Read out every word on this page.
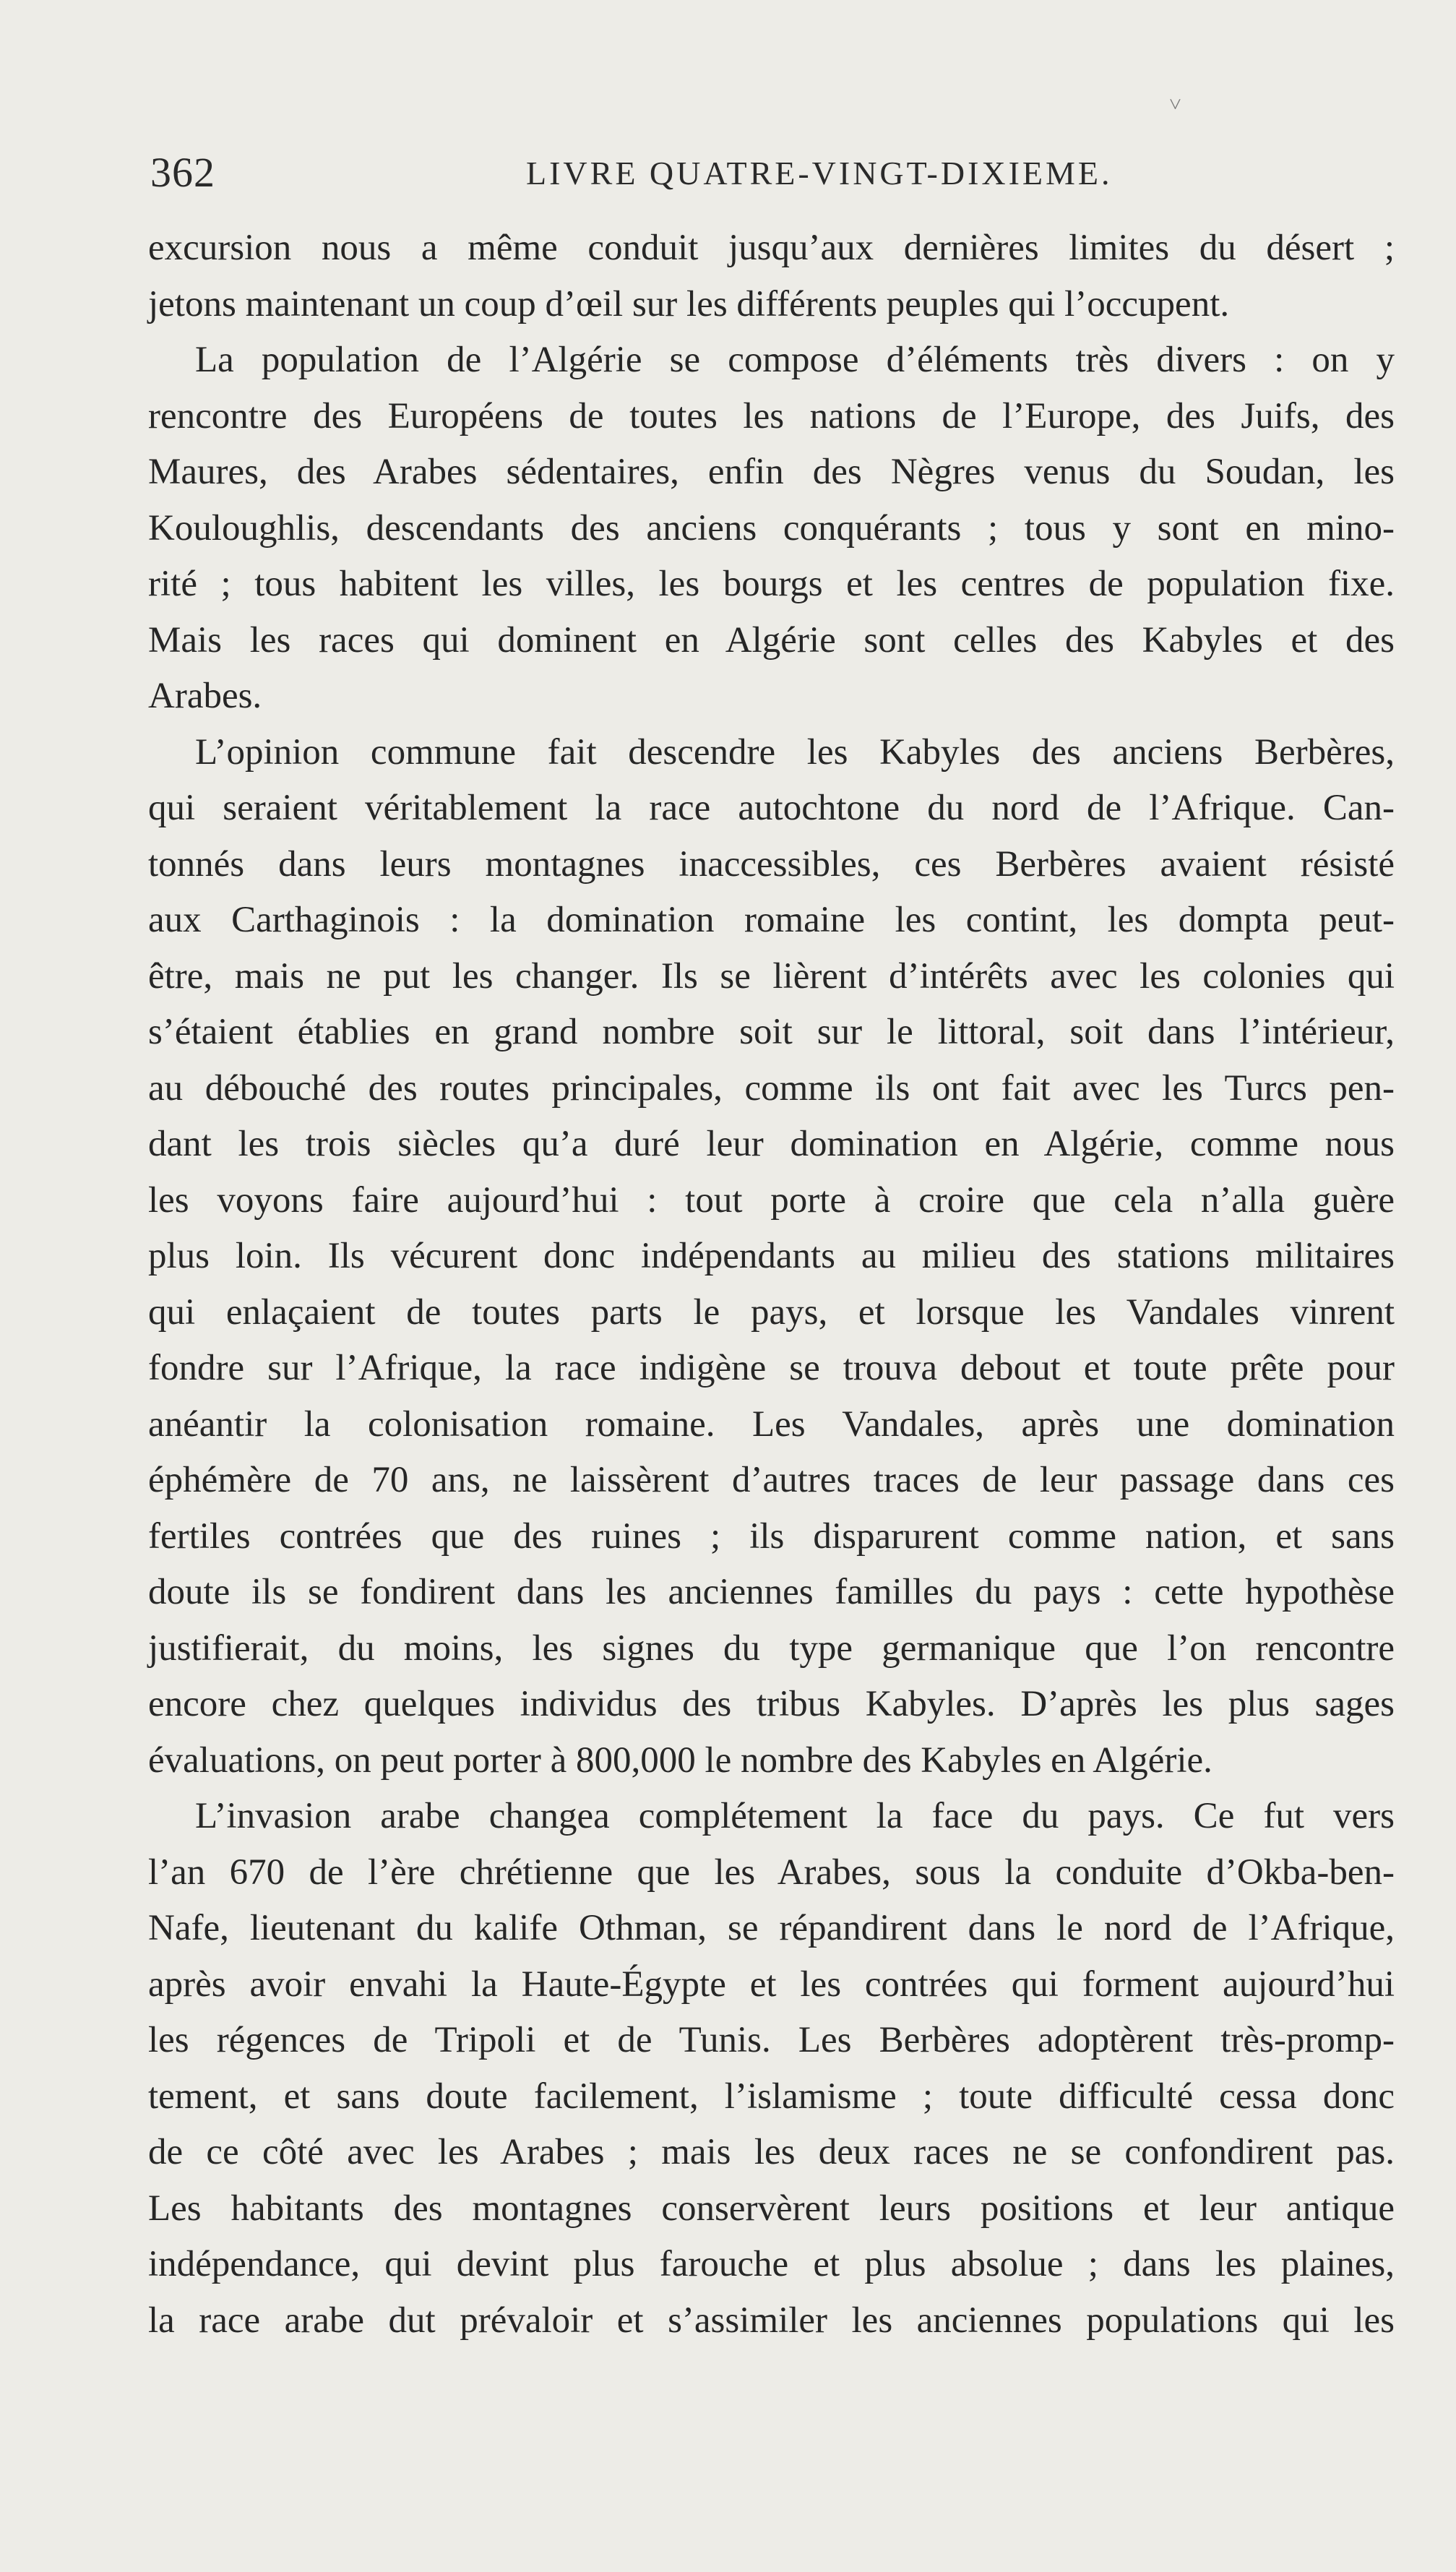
362	LIVRE QUATRE-VINGT-DIXIEME.
excursion nous a même conduit jusqu’aux dernières limites du désert ;
jetons maintenant un coup d’œil sur les différents peuples qui l’occupent.
La population de l’Algérie se compose d’éléments très divers : on y
rencontre des Européens de toutes les nations de l’Europe, des Juifs, des
Maures, des Arabes sédentaires, enfin des Nègres venus du Soudan, les
Kouloughlis, descendants des anciens conquérants ; tous y sont en mino-
rité ; tous habitent les villes, les bourgs et les centres de population fixe.
Mais les races qui dominent en Algérie sont celles des Kabyles et des
Arabes.
L’opinion commune fait descendre les Kabyles des anciens Berbères,
qui seraient véritablement la race autochtone du nord de l’Afrique. Can-
tonnés dans leurs montagnes inaccessibles, ces Berbères avaient résisté
aux Carthaginois : la domination romaine les contint, les dompta peut-
être, mais ne put les changer. Ils se lièrent d’intérêts avec les colonies qui
s’étaient établies en grand nombre soit sur le littoral, soit dans l’intérieur,
au débouché des routes principales, comme ils ont fait avec les Turcs pen-
dant les trois siècles qu’a duré leur domination en Algérie, comme nous
les voyons faire aujourd’hui : tout porte à croire que cela n’alla guère
plus loin. Ils vécurent donc indépendants au milieu des stations militaires
qui enlaçaient de toutes parts le pays, et lorsque les Vandales vinrent
fondre sur l’Afrique, la race indigène se trouva debout et toute prête pour
anéantir la colonisation romaine. Les Vandales, après une domination
éphémère de 70 ans, ne laissèrent d’autres traces de leur passage dans ces
fertiles contrées que des ruines ; ils disparurent comme nation, et sans
doute ils se fondirent dans les anciennes familles du pays : cette hypothèse
justifierait, du moins, les signes du type germanique que l’on rencontre
encore chez quelques individus des tribus Kabyles. D’après les plus sages
évaluations, on peut porter à 800,000 le nombre des Kabyles en Algérie.
L’invasion arabe changea complétement la face du pays. Ce fut vers
l’an 670 de l’ère chrétienne que les Arabes, sous la conduite d’Okba-ben-
Nafe, lieutenant du kalife Othman, se répandirent dans le nord de l’Afrique,
après avoir envahi la Haute-Égypte et les contrées qui forment aujourd’hui
les régences de Tripoli et de Tunis. Les Berbères adoptèrent très-promp-
tement, et sans doute facilement, l’islamisme ; toute difficulté cessa donc
de ce côté avec les Arabes ; mais les deux races ne se confondirent pas.
Les habitants des montagnes conservèrent leurs positions et leur antique
indépendance, qui devint plus farouche et plus absolue ; dans les plaines,
la race arabe dut prévaloir et s’assimiler les anciennes populations qui les
˅
